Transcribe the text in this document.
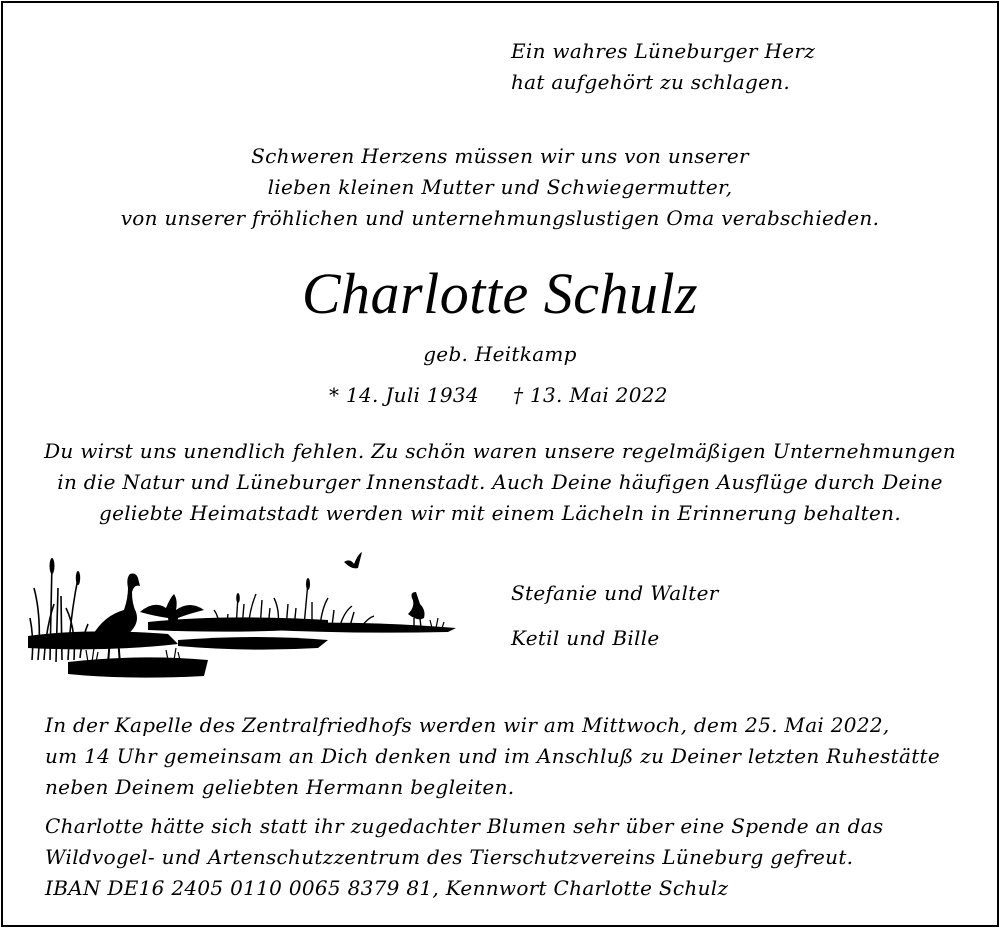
Ein wahres Lüneburger Herz
hat aufgehört zu schlagen.
Schweren Herzens müssen wir uns von unserer
lieben kleinen Mutter und Schwiegermutter,
von unserer fröhlichen und unternehmungslustigen Oma verabschieden.
Charlotte Schulz
geb. Heitkamp
* 14. Juli 1934 † 13. Mai 2022
Du wirst uns unendlich fehlen. Zu schön waren unsere regelmäßigen Unternehmungen
in die Natur und Lüneburger Innenstadt. Auch Deine häufigen Ausflüge durch Deine
geliebte Heimatstadt werden wir mit einem Lächeln in Erinnerung behalten.
Stefanie und Walter
Ketil und Bille
In der Kapelle des Zentralfriedhofs werden wir am Mittwoch, dem 25. Mai 2022,
um 14 Uhr gemeinsam an Dich denken und im Anschluß zu Deiner letzten Ruhestätte
neben Deinem geliebten Hermann begleiten.
Charlotte hätte sich statt ihr zugedachter Blumen sehr über eine Spende an das
Wildvogel- und Artenschutzzentrum des Tierschutzvereins Lüneburg gefreut.
IBAN DE16 2405 0110 0065 8379 81, Kennwort Charlotte Schulz
